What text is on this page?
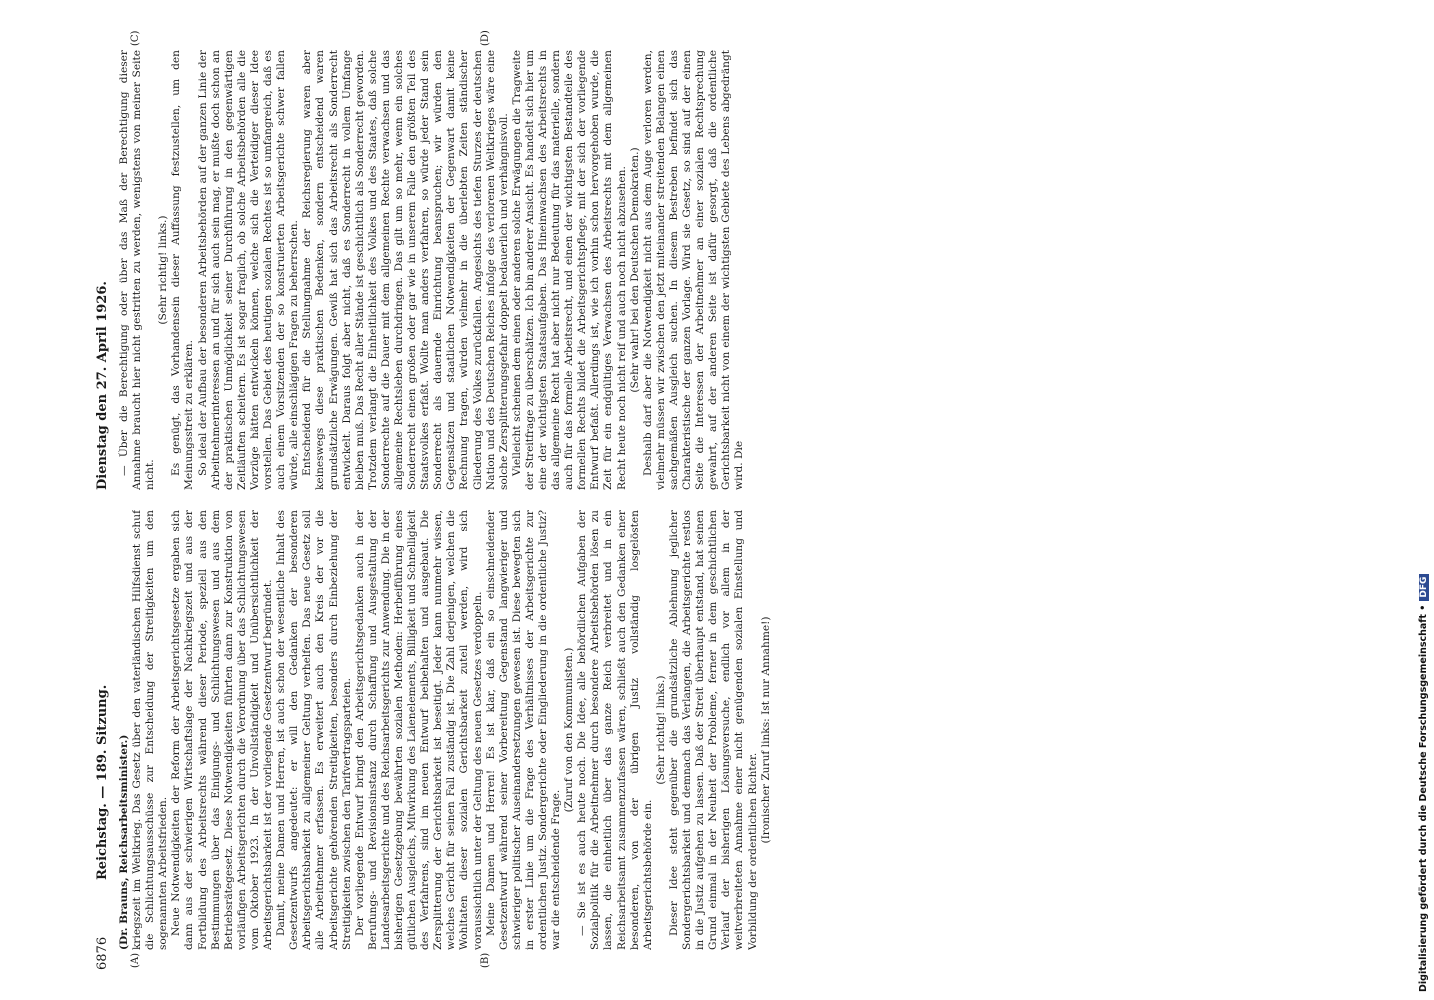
6876
Reichstag. — 189. Sitzung.
Dienstag den 27. April 1926.
(A)	(B)
(C)	(D)

(Dr. Brauns, Reichsarbeitsminister.) kriegszeit im Weltkrieg. Das Gesetz über den vaterländischen Hilfsdienst schuf die Schlichtungsausschüsse zur Entscheidung der Streitigkeiten um den sogenannten Arbeitsfrieden. Neue Notwendigkeiten der Reform der Arbeitsgerichtsgesetze ergaben sich dann aus der schwierigen Wirtschaftslage der Nachkriegszeit und aus der Fortbildung des Arbeitsrechts während dieser Periode, speziell aus den Bestimmungen über das Einigungs- und Schlichtungswesen und aus dem Betriebsrätegesetz. Diese Notwendigkeiten führten dann zur Konstruktion von vorläufigen Arbeitsgerichten durch die Verordnung über das Schlichtungswesen vom Oktober 1923. In der Unvollständigkeit und Unübersichtlichkeit der Arbeitsgerichtsbarkeit ist der vorliegende Gesetzentwurf begründet. Damit, meine Damen und Herren, ist auch schon der wesentliche Inhalt des Gesetzentwurfs angedeutet: er will den Gedanken der besonderen Arbeitsgerichtsbarkeit zu allgemeiner Geltung verhelfen. Das neue Gesetz soll alle Arbeitnehmer erfassen. Es erweitert auch den Kreis der vor die Arbeitsgerichte gehörenden Streitigkeiten, besonders durch Einbeziehung der Streitigkeiten zwischen den Tarifvertragsparteien. Der vorliegende Entwurf bringt den Arbeitsgerichtsgedanken auch in der Berufungs- und Revisionsinstanz durch Schaffung und Ausgestaltung der Landesarbeitsgerichte und des Reichsarbeitsgerichts zur Anwendung. Die in der bisherigen Gesetzgebung bewährten sozialen Methoden: Herbeiführung eines gütlichen Ausgleichs, Mitwirkung des Laienelements, Billigkeit und Schnelligkeit des Verfahrens, sind im neuen Entwurf beibehalten und ausgebaut. Die Zersplitterung der Gerichtsbarkeit ist beseitigt. Jeder kann nunmehr wissen, welches Gericht für seinen Fall zuständig ist. Die Zahl derjenigen, welchen die Wohltaten dieser sozialen Gerichtsbarkeit zuteil werden, wird sich voraussichtlich unter der Geltung des neuen Gesetzes verdoppeln. Meine Damen und Herren! Es ist klar, daß ein so einschneidender Gesetzentwurf während seiner Vorbereitung Gegenstand langwieriger und schwieriger politischer Auseinandersetzungen gewesen ist. Diese bewegten sich in erster Linie um die Frage des Verhältnisses der Arbeitsgerichte zur ordentlichen Justiz. Sondergerichte oder Eingliederung in die ordentliche Justiz? war die entscheidende Frage.

(Zuruf von den Kommunisten.) — Sie ist es auch heute noch. Die Idee, alle behördlichen Aufgaben der Sozialpolitik für die Arbeitnehmer durch besondere Arbeitsbehörden lösen zu lassen, die einheitlich über das ganze Reich verbreitet und in ein Reichsarbeitsamt zusammenzufassen wären, schließt auch den Gedanken einer besonderen, von der übrigen Justiz vollständig losgelösten Arbeitsgerichtsbehörde ein.

(Sehr richtig! links.) Dieser Idee steht gegenüber die grundsätzliche Ablehnung jeglicher Sondergerichtsbarkeit und demnach das Verlangen, die Arbeitsgerichte restlos in die Justiz aufgehen zu lassen. Daß der Streit überhaupt entstand, hat seinen Grund einmal in der Neuheit der Probleme, ferner in dem geschichtlichen Verlauf der bisherigen Lösungsversuche, endlich vor allem in der weitverbreiteten Annahme einer nicht genügenden sozialen Einstellung und Vorbildung der ordentlichen Richter.

(Ironischer Zuruf links: Ist nur Annahme!)

— Über die Berechtigung oder über das Maß der Berechtigung dieser Annahme braucht hier nicht gestritten zu werden, wenigstens von meiner Seite nicht.

(Sehr richtig! links.) Es genügt, das Vorhandensein dieser Auffassung festzustellen, um den Meinungsstreit zu erklären. So ideal der Aufbau der besonderen Arbeitsbehörden auf der ganzen Linie der Arbeitnehmerinteressen an und für sich auch sein mag, er mußte doch schon an der praktischen Unmöglichkeit seiner Durchführung in den gegenwärtigen Zeitläuften scheitern. Es ist sogar fraglich, ob solche Arbeitsbehörden alle die Vorzüge hätten entwickeln können, welche sich die Verteidiger dieser Idee vorstellen. Das Gebiet des heutigen sozialen Rechtes ist so umfangreich, daß es auch einem Vorsitzenden der so konstruierten Arbeitsgerichte schwer fallen würde, alle einschlägigen Fragen zu beherrschen. Entscheidend für die Stellungnahme der Reichsregierung waren aber keineswegs diese praktischen Bedenken, sondern entscheidend waren grundsätzliche Erwägungen. Gewiß hat sich das Arbeitsrecht als Sonderrecht entwickelt. Daraus folgt aber nicht, daß es Sonderrecht in vollem Umfange bleiben muß. Das Recht aller Stände ist geschichtlich als Sonderrecht geworden. Trotzdem verlangt die Einheitlichkeit des Volkes und des Staates, daß solche Sonderrechte auf die Dauer mit dem allgemeinen Rechte verwachsen und das allgemeine Rechtsleben durchdringen. Das gilt um so mehr, wenn ein solches Sonderrecht einen großen oder gar wie in unserem Falle den größten Teil des Staatsvolkes erfaßt. Wollte man anders verfahren, so würde jeder Stand sein Sonderrecht als dauernde Einrichtung beanspruchen; wir würden den Gegensätzen und staatlichen Notwendigkeiten der Gegenwart damit keine Rechnung tragen, würden vielmehr in die überlebten Zeiten ständischer Gliederung des Volkes zurückfallen. Angesichts des tiefen Sturzes der deutschen Nation und des Deutschen Reiches infolge des verlorenen Weltkrieges wäre eine solche Zersplitterungsgefahr doppelt bedauerlich und verhängnisvoll. Vielleicht scheinen dem einen oder anderen solche Erwägungen die Tragweite der Streitfrage zu überschätzen. Ich bin anderer Ansicht. Es handelt sich hier um eine der wichtigsten Staatsaufgaben. Das Hineinwachsen des Arbeitsrechts in das allgemeine Recht hat aber nicht nur Bedeutung für das materielle, sondern auch für das formelle Arbeitsrecht, und einen der wichtigsten Bestandteile des formellen Rechts bildet die Arbeitsgerichtspflege, mit der sich der vorliegende Entwurf befaßt. Allerdings ist, wie ich vorhin schon hervorgehoben wurde, die Zeit für ein endgültiges Verwachsen des Arbeitsrechts mit dem allgemeinen Recht heute noch nicht reif und auch noch nicht abzusehen. (Sehr wahr! bei den Deutschen Demokraten.) Deshalb darf aber die Notwendigkeit nicht aus dem Auge verloren werden, vielmehr müssen wir zwischen den jetzt miteinander streitenden Belangen einen sachgemäßen Ausgleich suchen. In diesem Bestreben befindet sich das Charakteristische der ganzen Vorlage. Wird sie Gesetz, so sind auf der einen Seite die Interessen der Arbeitnehmer an einer sozialen Rechtsprechung gewahrt, auf der anderen Seite ist dafür gesorgt, daß die ordentliche Gerichtsbarkeit nicht von einem der wichtigsten Gebiete des Lebens abgedrängt wird. Die

Digitalisierung gefördert durch die Deutsche Forschungsgemeinschaft •DFG
